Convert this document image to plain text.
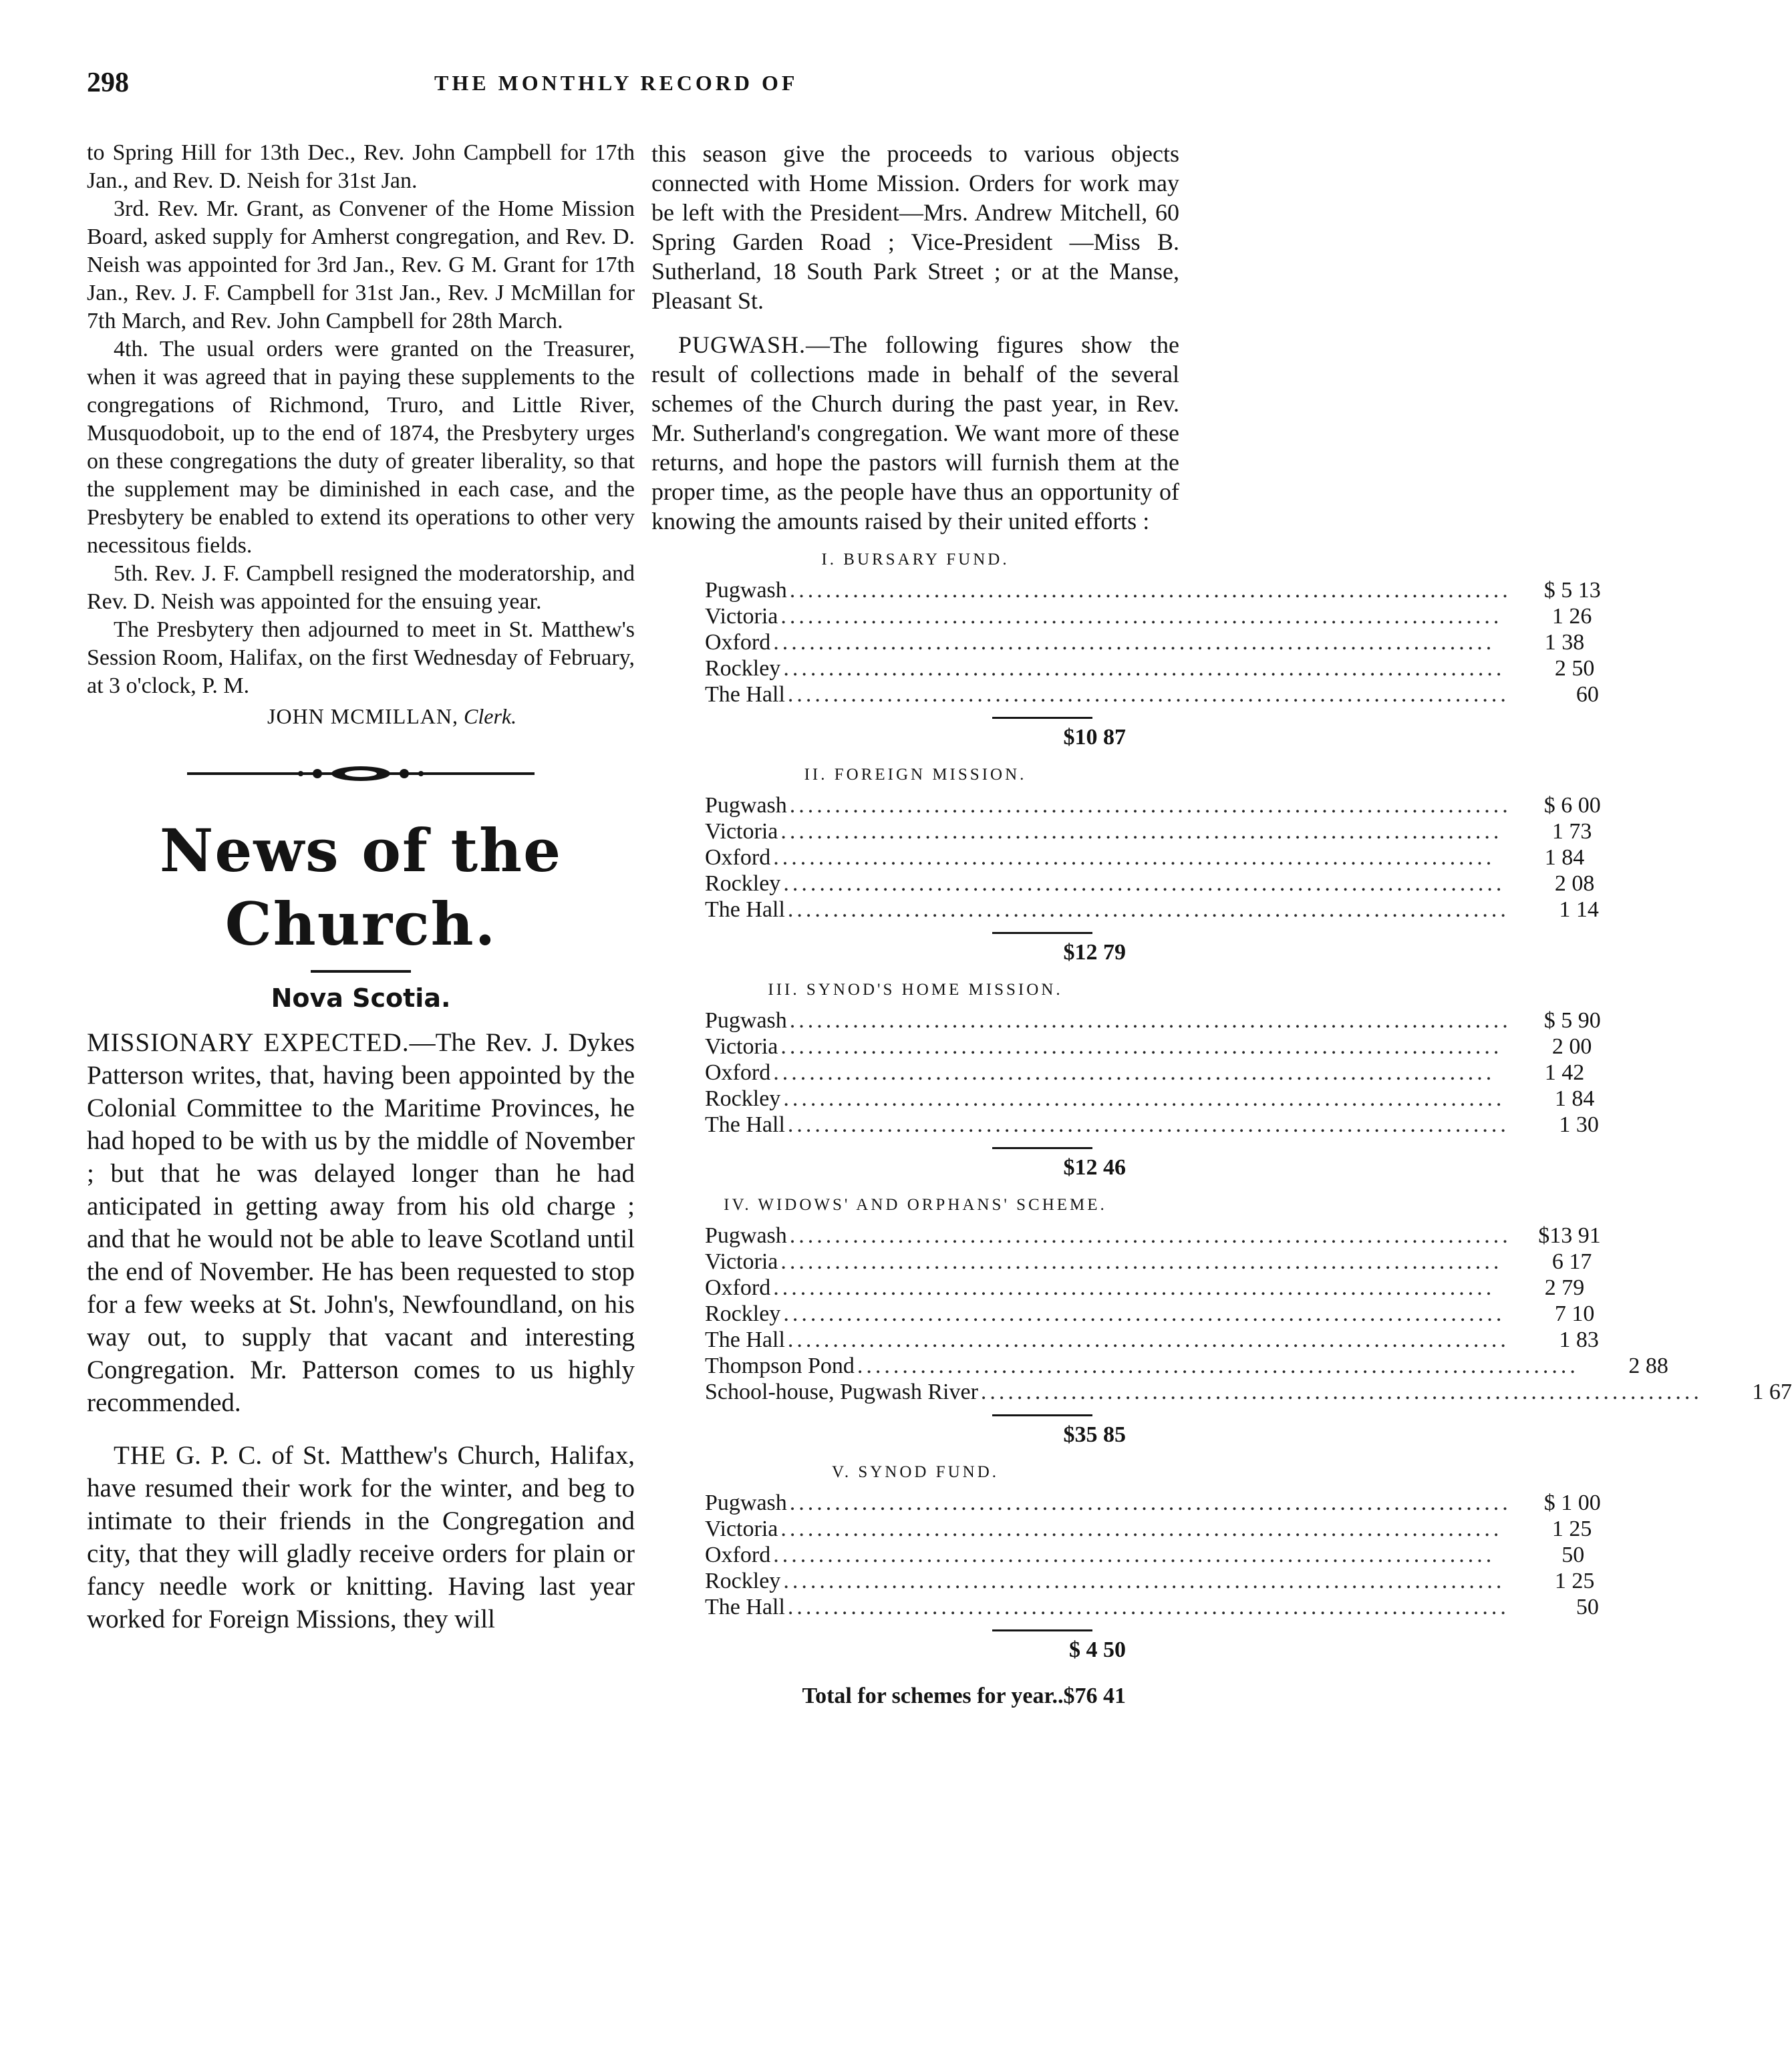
298	THE MONTHLY RECORD OF

to Spring Hill for 13th Dec., Rev. John Campbell for 17th Jan., and Rev. D. Neish for 31st Jan.

3rd. Rev. Mr. Grant, as Convener of the Home Mission Board, asked supply for Amherst congregation, and Rev. D. Neish was appointed for 3rd Jan., Rev. G M. Grant for 17th Jan., Rev. J. F. Campbell for 31st Jan., Rev. J McMillan for 7th March, and Rev. John Campbell for 28th March.

4th. The usual orders were granted on the Treasurer, when it was agreed that in paying these supplements to the congregations of Richmond, Truro, and Little River, Musquodoboit, up to the end of 1874, the Presbytery urges on these congregations the duty of greater liberality, so that the supplement may be diminished in each case, and the Presbytery be enabled to extend its operations to other very necessitous fields.

5th. Rev. J. F. Campbell resigned the moderatorship, and Rev. D. Neish was appointed for the ensuing year.

The Presbytery then adjourned to meet in St. Matthew's Session Room, Halifax, on the first Wednesday of February, at 3 o'clock, P. M.

JOHN MCMILLAN, Clerk.
News of the Church.
Nova Scotia.

MISSIONARY EXPECTED.—The Rev. J. Dykes Patterson writes, that, having been appointed by the Colonial Committee to the Maritime Provinces, he had hoped to be with us by the middle of November ; but that he was delayed longer than he had anticipated in getting away from his old charge ; and that he would not be able to leave Scotland until the end of November. He has been requested to stop for a few weeks at St. John's, Newfoundland, on his way out, to supply that vacant and interesting Congregation. Mr. Patterson comes to us highly recommended.

THE G. P. C. of St. Matthew's Church, Halifax, have resumed their work for the winter, and beg to intimate to their friends in the Congregation and city, that they will gladly receive orders for plain or fancy needle work or knitting. Having last year worked for Foreign Missions, they will

this season give the proceeds to various objects connected with Home Mission. Orders for work may be left with the President—Mrs. Andrew Mitchell, 60 Spring Garden Road ; Vice-President —Miss B. Sutherland, 18 South Park Street ; or at the Manse, Pleasant St.

PUGWASH.—The following figures show the result of collections made in behalf of the several schemes of the Church during the past year, in Rev. Mr. Sutherland's congregation. We want more of these returns, and hope the pastors will furnish them at the proper time, as the people have thus an opportunity of knowing the amounts raised by their united efforts :

I. BURSARY FUND.
Pugwash ................................................................................	$ 5 13
Victoria ................................................................................	1 26
Oxford ................................................................................	1 38
Rockley ................................................................................	2 50
The Hall ................................................................................	60
$10 87
II. FOREIGN MISSION.
Pugwash ................................................................................	$ 6 00
Victoria ................................................................................	1 73
Oxford ................................................................................	1 84
Rockley ................................................................................	2 08
The Hall ................................................................................	1 14
$12 79
III. SYNOD'S HOME MISSION.
Pugwash ................................................................................	$ 5 90
Victoria ................................................................................	2 00
Oxford ................................................................................	1 42
Rockley ................................................................................	1 84
The Hall ................................................................................	1 30
$12 46
IV. WIDOWS' AND ORPHANS' SCHEME.
Pugwash ................................................................................	$13 91
Victoria ................................................................................	6 17
Oxford ................................................................................	2 79
Rockley ................................................................................	7 10
The Hall ................................................................................	1 83
Thompson Pond ................................................................................	2 88
School-house, Pugwash River ................................................................................	1 67
$35 85
V. SYNOD FUND.
Pugwash ................................................................................	$ 1 00
Victoria ................................................................................	1 25
Oxford ................................................................................	50
Rockley ................................................................................	1 25
The Hall ................................................................................	50
$ 4 50
Total for schemes for year..$76 41
